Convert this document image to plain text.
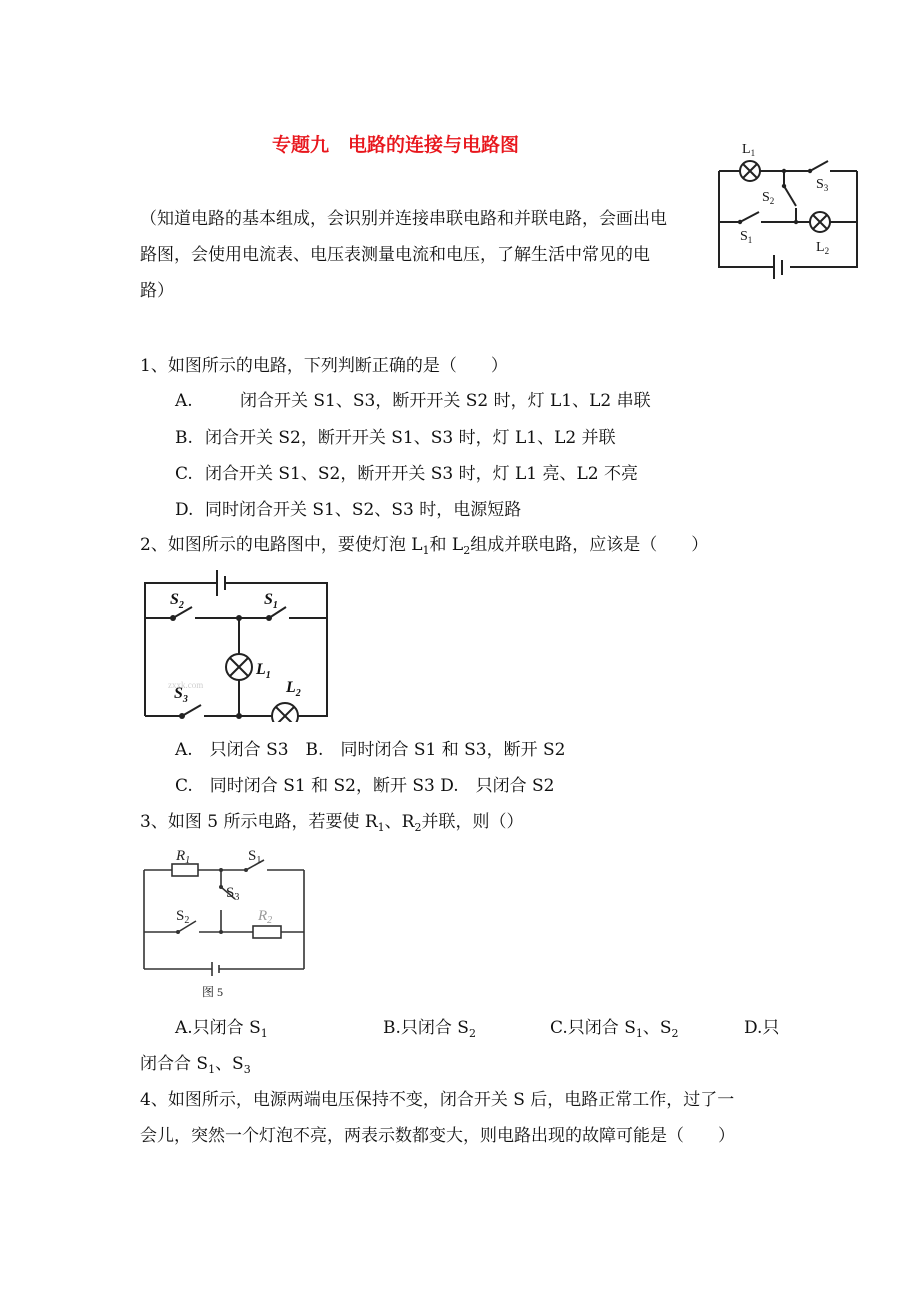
专题九　电路的连接与电路图
（知道电路的基本组成，会识别并连接串联电路和并联电路，会画出电
路图，会使用电流表、电压表测量电流和电压，了解生活中常见的电
路）
$L_1$
$S_3$
$S_2$
$S_1$	$L_2$
1、如图所示的电路，下列判断正确的是（　　）
A.	闭合开关 S1、S3，断开开关 S2 时，灯 L1、L2 串联
B. 闭合开关 S2，断开开关 S1、S3 时，灯 L1、L2 并联
C. 闭合开关 S1、S2，断开开关 S3 时，灯 L1 亮、L2 不亮
D. 同时闭合开关 S1、S2、S3 时，电源短路
2、如图所示的电路图中，要使灯泡 $L_1$和 $L_2$组成并联电路，应该是（　　）
zxxk.com
$S_2$	$S_1$
$L_1$
$S_3$
$L_2$
A.　只闭合 S3　B.　同时闭合 S1 和 S3，断开 S2
C.　同时闭合 S1 和 S2，断开 S3 D.　只闭合 S2
3、如图 5 所示电路，若要使 $R_1$、$R_2$并联，则（）
$R_1$	$S_1$
$S_3$
$S_2$	$R_2$
图 5
A.只闭合 $S_1$	B.只闭合 $S_2$	C.只闭合 $S_1$、$S_2$	D.只
闭合合 $S_1$、$S_3$
4、如图所示，电源两端电压保持不变，闭合开关 S 后，电路正常工作，过了一
会儿，突然一个灯泡不亮，两表示数都变大，则电路出现的故障可能是（　　）
